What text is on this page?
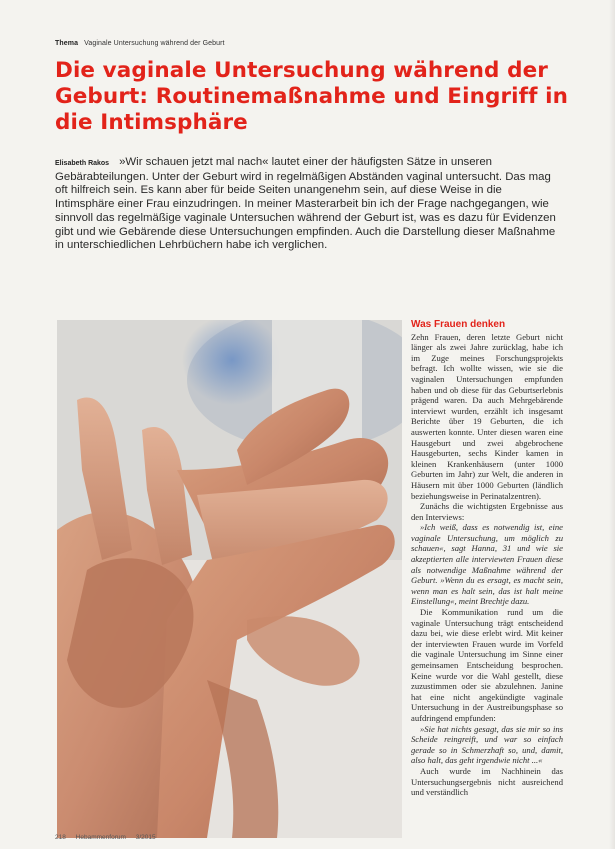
Thema Vaginale Untersuchung während der Geburt
Die vaginale Untersuchung während der Geburt: Routinemaßnahme und Eingriff in die Intimsphäre
Elisabeth Rakos »Wir schauen jetzt mal nach« lautet einer der häufigsten Sätze in unseren Gebärabteilungen. Unter der Geburt wird in regelmäßigen Abständen vaginal untersucht. Das mag oft hilfreich sein. Es kann aber für beide Seiten unangenehm sein, auf diese Weise in die Intimsphäre einer Frau einzudringen. In meiner Masterarbeit bin ich der Frage nachgegangen, wie sinnvoll das regelmäßige vaginale Untersuchen während der Geburt ist, was es dazu für Evidenzen gibt und wie Gebärende diese Untersuchungen empfinden. Auch die Darstellung dieser Maßnahme in unterschiedlichen Lehrbüchern habe ich verglichen.
Was Frauen denken

Zehn Frauen, deren letzte Geburt nicht länger als zwei Jahre zurücklag, habe ich im Zuge meines Forschungsprojekts befragt. Ich wollte wissen, wie sie die vaginalen Untersuchungen empfunden haben und ob diese für das Geburtserlebnis prägend waren. Da auch Mehrgebärende interviewt wurden, erzählt ich insgesamt Berichte über 19 Geburten, die ich auswerten konnte. Unter diesen waren eine Hausgeburt und zwei abgebrochene Hausgeburten, sechs Kinder kamen in kleinen Krankenhäusern (unter 1000 Geburten im Jahr) zur Welt, die anderen in Häusern mit über 1000 Geburten (ländlich beziehungsweise in Perinatalzentren).

Zunächs die wichtigsten Ergebnisse aus den Interviews:

»Ich weiß, dass es notwendig ist, eine vaginale Untersuchung, um möglich zu schauen«, sagt Hanna, 31 und wie sie akzeptierten alle interviewten Frauen diese als notwendige Maßnahme während der Geburt. »Wenn du es ersagt, es macht sein, wenn man es halt sein, das ist halt meine Einstellung«, meint Brechtje dazu.

Die Kommunikation rund um die vaginale Untersuchung trägt entscheidend dazu bei, wie diese erlebt wird. Mit keiner der interviewten Frauen wurde im Vorfeld die vaginale Untersuchung im Sinne einer gemeinsamen Entscheidung besprochen. Keine wurde vor die Wahl gestellt, diese zuzustimmen oder sie abzulehnen. Janine hat eine nicht angekündigte vaginale Untersuchung in der Austreibungsphase so aufdringend empfunden:

»Sie hat nichts gesagt, das sie mir so ins Scheide reingreift, und war so einfach gerade so in Schmerzhaft so, und, damit, also halt, das geht irgendwie nicht ...«

Auch wurde im Nachhinein das Untersuchungsergebnis nicht ausreichend und verständlich

218 Hebammenforum 3/2015
